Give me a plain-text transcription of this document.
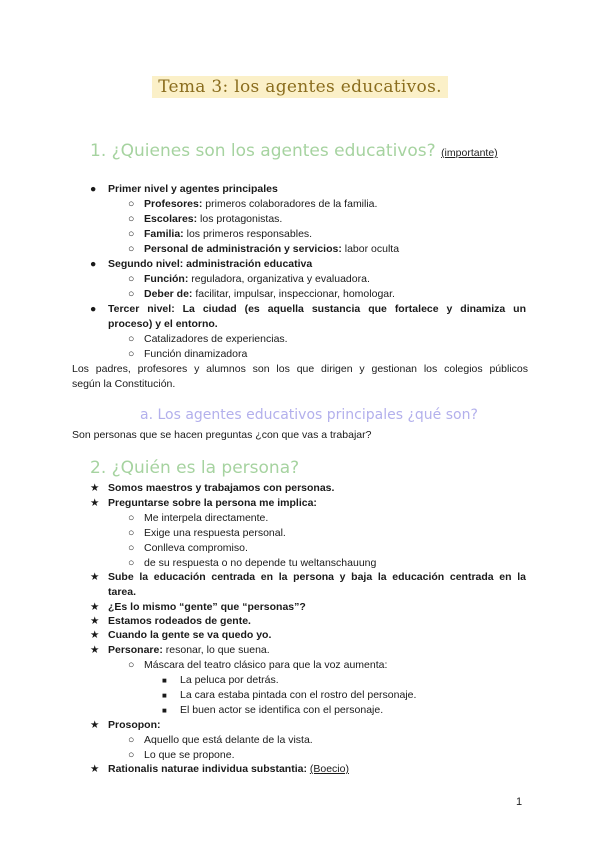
Tema 3: los agentes educativos.
1. ¿Quienes son los agentes educativos? (importante)
● Primer nivel y agentes principales
○ Profesores: primeros colaboradores de la familia.
○ Escolares: los protagonistas.
○ Familia: los primeros responsables.
○ Personal de administración y servicios: labor oculta
● Segundo nivel: administración educativa
○ Función: reguladora, organizativa y evaluadora.
○ Deber de: facilitar, impulsar, inspeccionar, homologar.
● Tercer nivel: La ciudad (es aquella sustancia que fortalece y dinamiza un
proceso) y el entorno.
○ Catalizadores de experiencias.
○ Función dinamizadora
Los padres, profesores y alumnos son los que dirigen y gestionan los colegios públicos
según la Constitución.
a. Los agentes educativos principales ¿qué son?
Son personas que se hacen preguntas ¿con que vas a trabajar?
2. ¿Quién es la persona?
★ Somos maestros y trabajamos con personas.
★ Preguntarse sobre la persona me implica:
○ Me interpela directamente.
○ Exige una respuesta personal.
○ Conlleva compromiso.
○ de su respuesta o no depende tu weltanschauung
★ Sube la educación centrada en la persona y baja la educación centrada en la
tarea.
★ ¿Es lo mismo “gente” que “personas”?
★ Estamos rodeados de gente.
★ Cuando la gente se va quedo yo.
★ Personare: resonar, lo que suena.
○ Máscara del teatro clásico para que la voz aumenta:
■ La peluca por detrás.
■ La cara estaba pintada con el rostro del personaje.
■ El buen actor se identifica con el personaje.
★ Prosopon:
○ Aquello que está delante de la vista.
○ Lo que se propone.
★ Rationalis naturae individua substantia: (Boecio)
1
